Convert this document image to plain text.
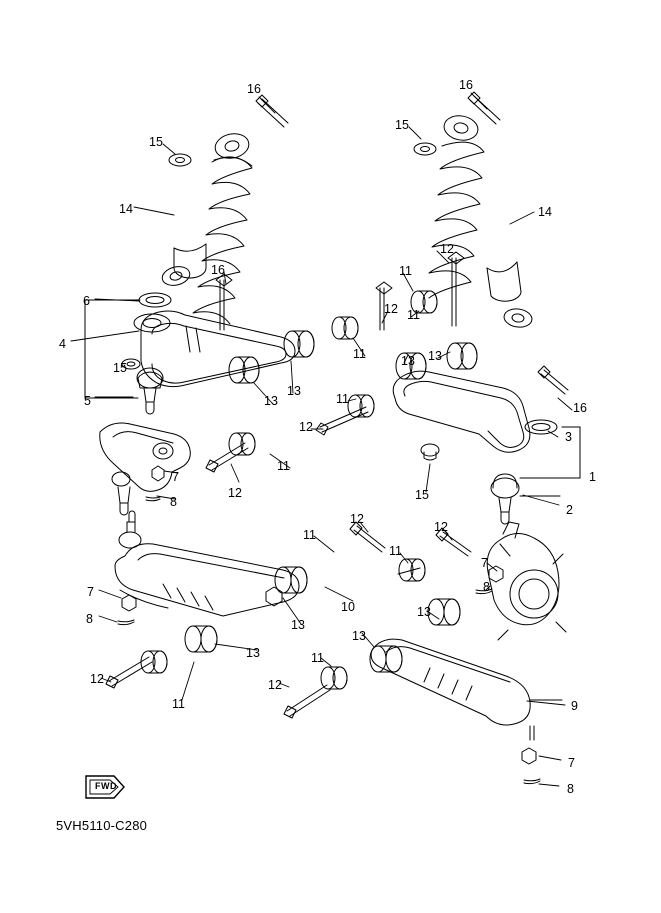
FWD
5VH5110-C280
16	16
15
15
14	14
16
12
11
12 11
6
4
11	13 13
15
13
13
5	16
11
12
3
1
11
15
12
7
8
2
11
12
12
11
7
10
8
7
13
13
8
13
13	11
12	12
11	9
7
8
